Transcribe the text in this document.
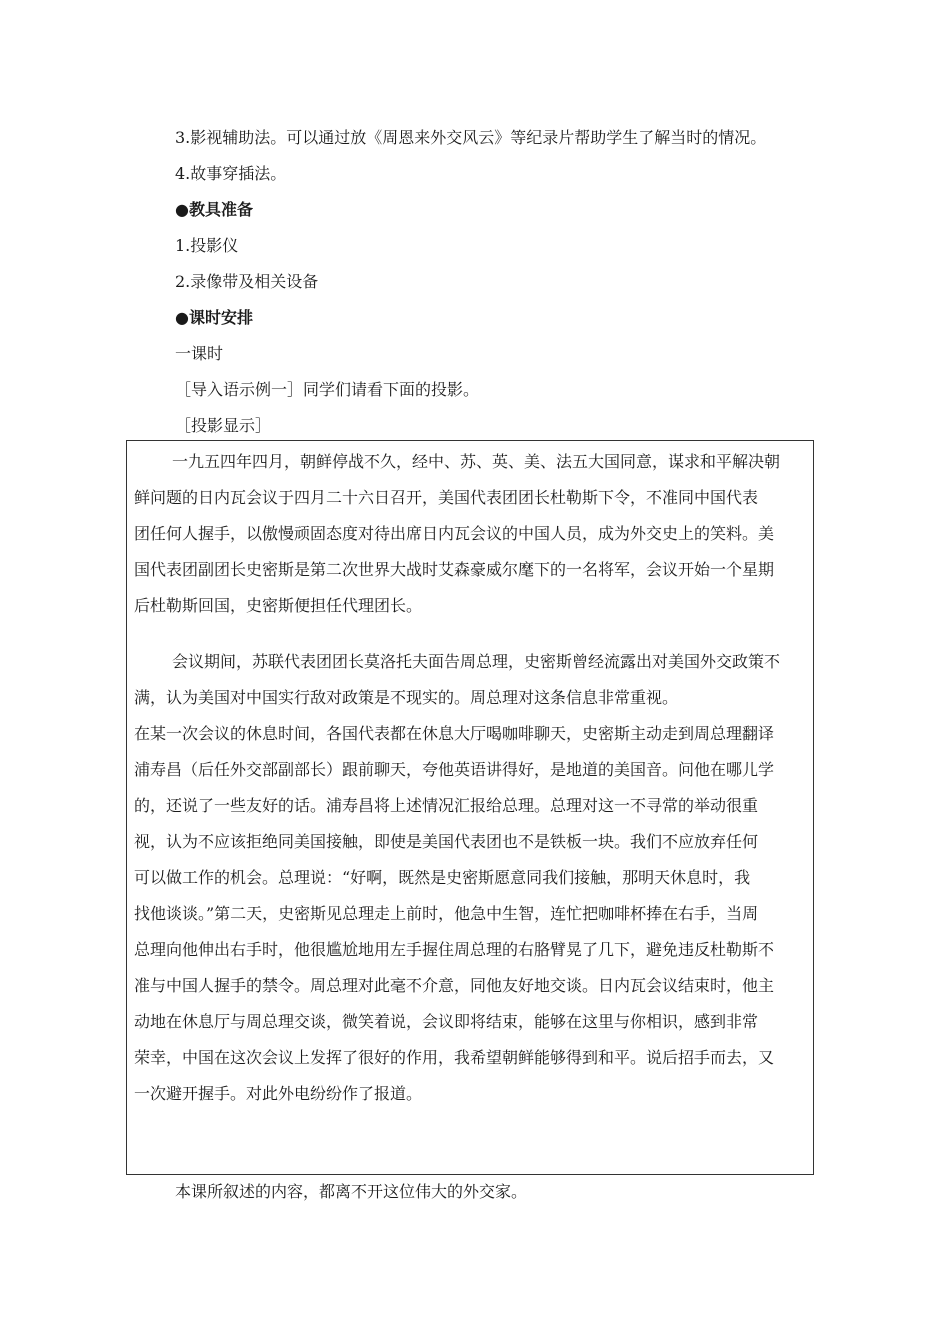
3.影视辅助法。可以通过放《周恩来外交风云》等纪录片帮助学生了解当时的情况。
4.故事穿插法。
●教具准备
1.投影仪
2.录像带及相关设备
●课时安排
一课时
［导入语示例一］同学们请看下面的投影。
［投影显示］
一九五四年四月，朝鲜停战不久，经中、苏、英、美、法五大国同意，谋求和平解决朝
鲜问题的日内瓦会议于四月二十六日召开，美国代表团团长杜勒斯下令，不准同中国代表
团任何人握手，以傲慢顽固态度对待出席日内瓦会议的中国人员，成为外交史上的笑料。美
国代表团副团长史密斯是第二次世界大战时艾森豪威尔麾下的一名将军，会议开始一个星期
后杜勒斯回国，史密斯便担任代理团长。
会议期间，苏联代表团团长莫洛托夫面告周总理，史密斯曾经流露出对美国外交政策不
满，认为美国对中国实行敌对政策是不现实的。周总理对这条信息非常重视。
在某一次会议的休息时间，各国代表都在休息大厅喝咖啡聊天，史密斯主动走到周总理翻译
浦寿昌（后任外交部副部长）跟前聊天，夸他英语讲得好，是地道的美国音。问他在哪儿学
的，还说了一些友好的话。浦寿昌将上述情况汇报给总理。总理对这一不寻常的举动很重
视，认为不应该拒绝同美国接触，即使是美国代表团也不是铁板一块。我们不应放弃任何
可以做工作的机会。总理说：“好啊，既然是史密斯愿意同我们接触，那明天休息时，我
找他谈谈。”第二天，史密斯见总理走上前时，他急中生智，连忙把咖啡杯捧在右手，当周
总理向他伸出右手时，他很尴尬地用左手握住周总理的右胳臂晃了几下，避免违反杜勒斯不
准与中国人握手的禁令。周总理对此毫不介意，同他友好地交谈。日内瓦会议结束时，他主
动地在休息厅与周总理交谈，微笑着说，会议即将结束，能够在这里与你相识，感到非常
荣幸，中国在这次会议上发挥了很好的作用，我希望朝鲜能够得到和平。说后招手而去，又
一次避开握手。对此外电纷纷作了报道。
本课所叙述的内容，都离不开这位伟大的外交家。
